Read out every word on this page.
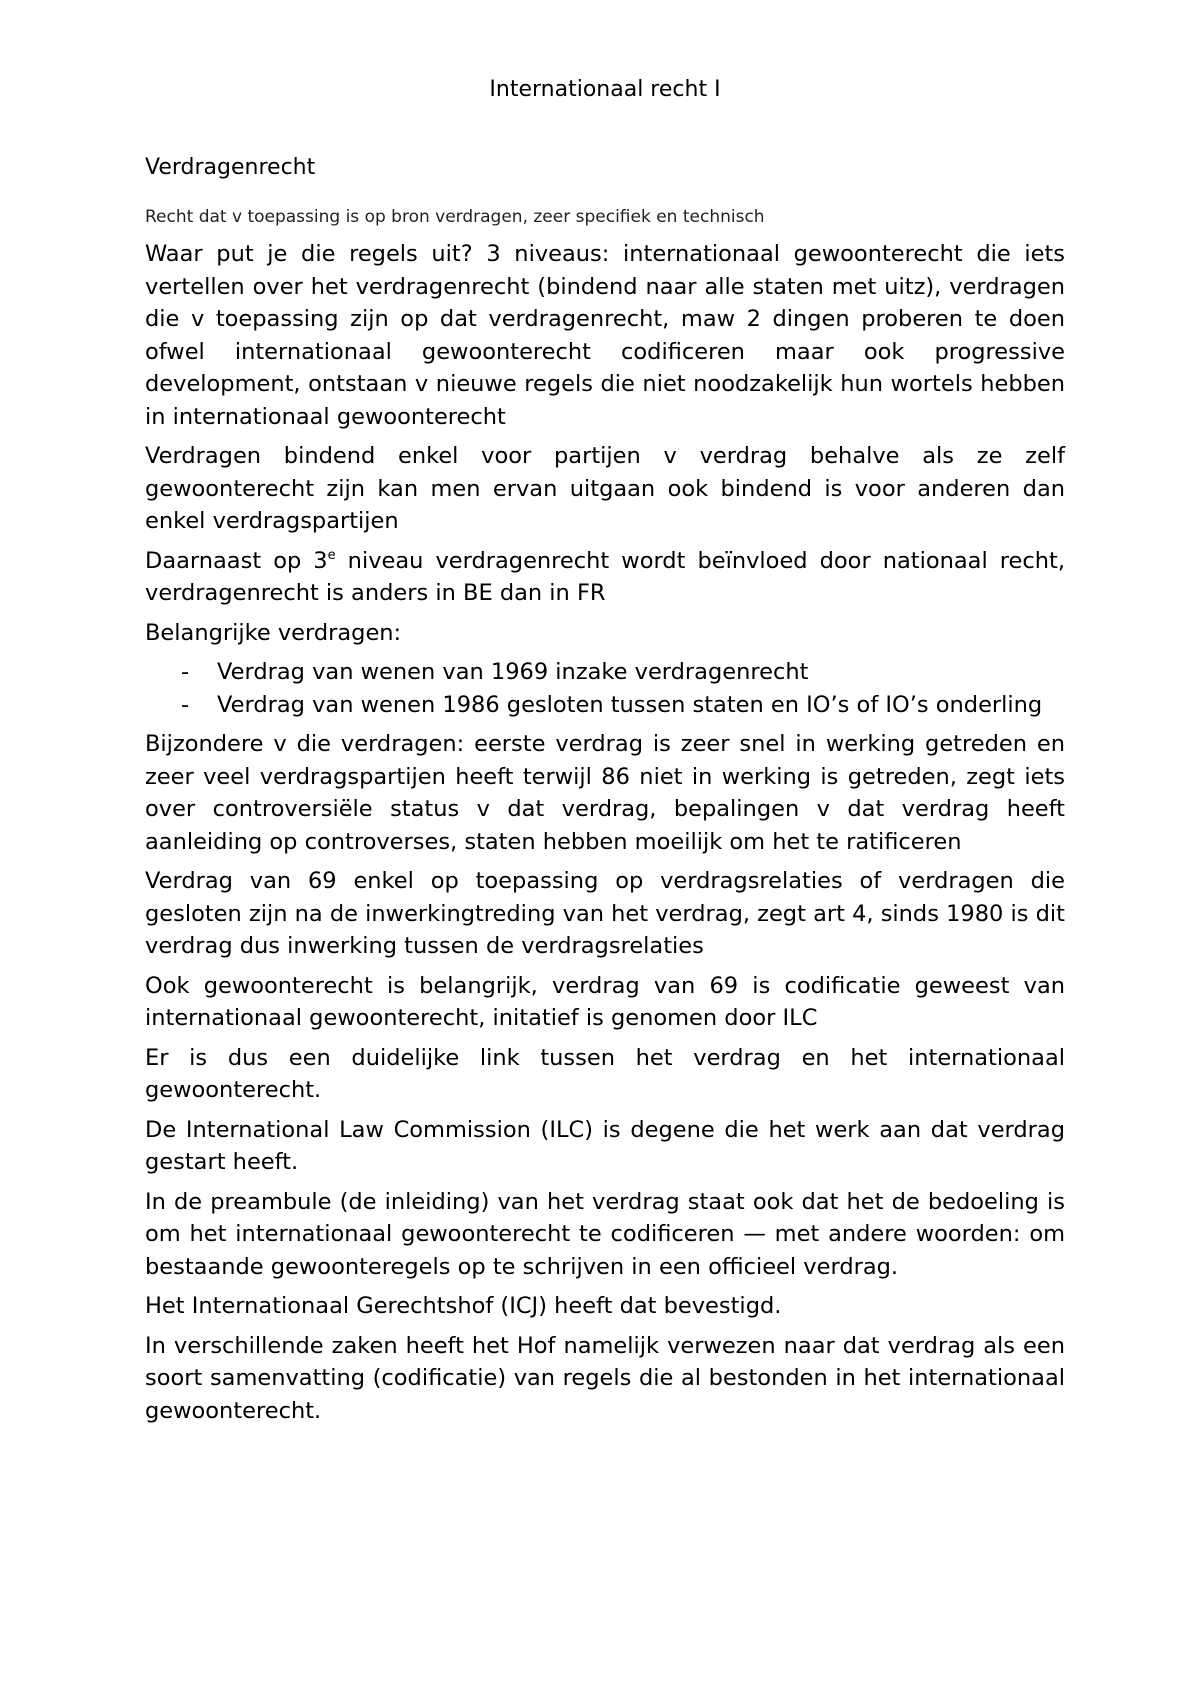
Internationaal recht I
Verdragenrecht

Recht dat v toepassing is op bron verdragen, zeer specifiek en technisch

Waar put je die regels uit? 3 niveaus: internationaal gewoonterecht die iets vertellen over het verdragenrecht (bindend naar alle staten met uitz), verdragen die v toepassing zijn op dat verdragenrecht, maw 2 dingen proberen te doen ofwel internationaal gewoonterecht codificeren maar ook progressive development, ontstaan v nieuwe regels die niet noodzakelijk hun wortels hebben in internationaal gewoonterecht

Verdragen bindend enkel voor partijen v verdrag behalve als ze zelf gewoonterecht zijn kan men ervan uitgaan ook bindend is voor anderen dan enkel verdragspartijen

Daarnaast op 3e niveau verdragenrecht wordt beïnvloed door nationaal recht, verdragenrecht is anders in BE dan in FR

Belangrijke verdragen:

- Verdrag van wenen van 1969 inzake verdragenrecht
- Verdrag van wenen 1986 gesloten tussen staten en IO’s of IO’s onderling

Bijzondere v die verdragen: eerste verdrag is zeer snel in werking getreden en zeer veel verdragspartijen heeft terwijl 86 niet in werking is getreden, zegt iets over controversiële status v dat verdrag, bepalingen v dat verdrag heeft aanleiding op controverses, staten hebben moeilijk om het te ratificeren

Verdrag van 69 enkel op toepassing op verdragsrelaties of verdragen die gesloten zijn na de inwerkingtreding van het verdrag, zegt art 4, sinds 1980 is dit verdrag dus inwerking tussen de verdragsrelaties

Ook gewoonterecht is belangrijk, verdrag van 69 is codificatie geweest van internationaal gewoonterecht, initatief is genomen door ILC

Er is dus een duidelijke link tussen het verdrag en het internationaal gewoonterecht.

De International Law Commission (ILC) is degene die het werk aan dat verdrag gestart heeft.

In de preambule (de inleiding) van het verdrag staat ook dat het de bedoeling is om het internationaal gewoonterecht te codificeren — met andere woorden: om bestaande gewoonteregels op te schrijven in een officieel verdrag.

Het Internationaal Gerechtshof (ICJ) heeft dat bevestigd.

In verschillende zaken heeft het Hof namelijk verwezen naar dat verdrag als een soort samenvatting (codificatie) van regels die al bestonden in het internationaal gewoonterecht.
